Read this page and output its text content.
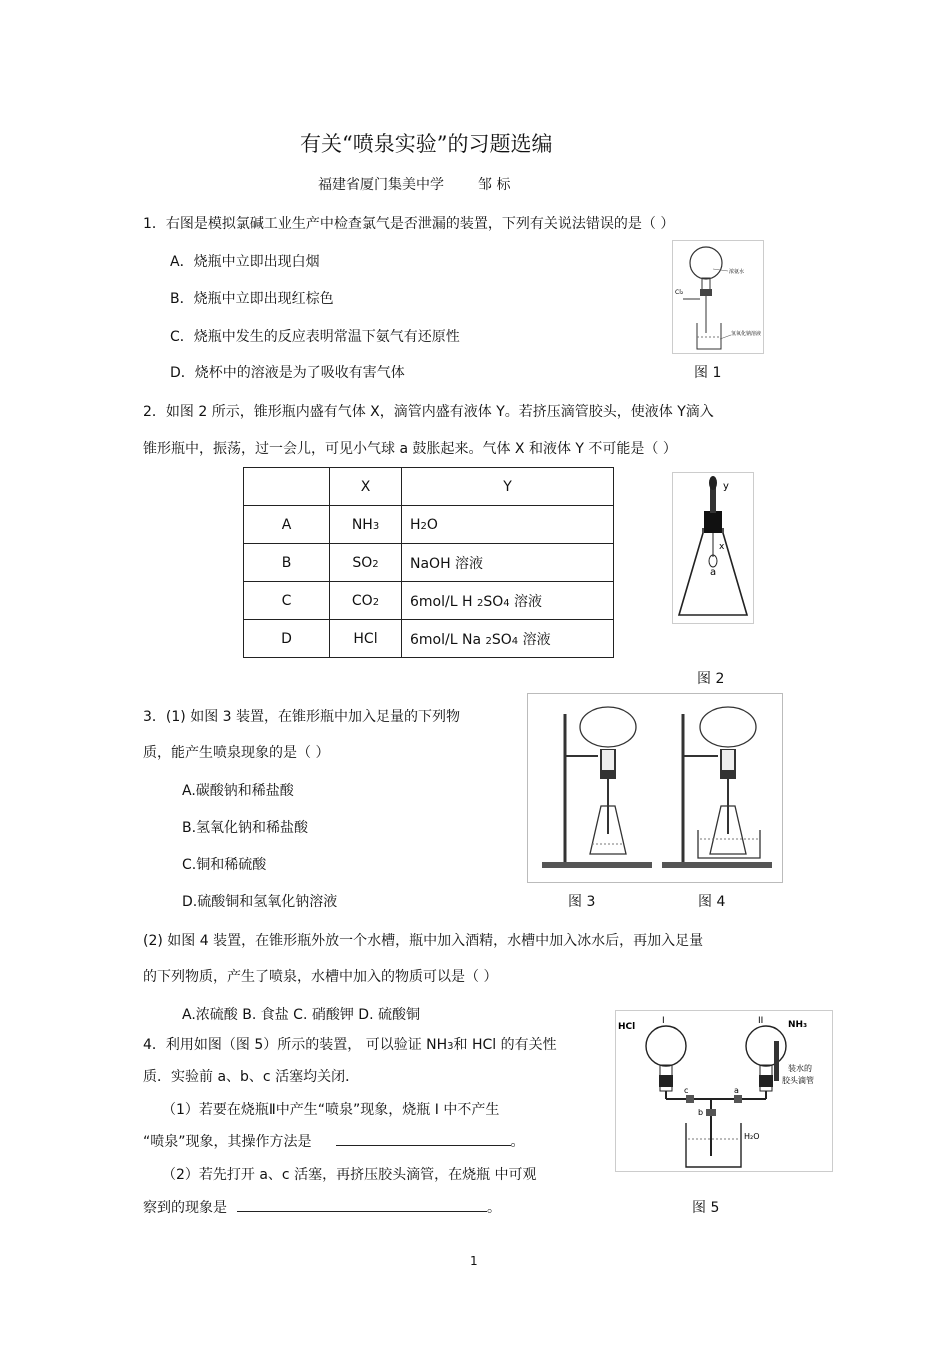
有关“喷泉实验”的习题选编
福建省厦门集美中学 邹 标
1．右图是模拟氯碱工业生产中检查氯气是否泄漏的装置，下列有关说法错误的是（ ）
A．烧瓶中立即出现白烟
B．烧瓶中立即出现红棕色
C．烧瓶中发生的反应表明常温下氨气有还原性
D．烧杯中的溶液是为了吸收有害气体
Cl₂
浓氨水
氢氧化钠溶液
图 1
2．如图 2 所示，锥形瓶内盛有气体 X，滴管内盛有液体 Y。若挤压滴管胶头，使液体 Y滴入
锥形瓶中，振荡，过一会儿，可见小气球 a 鼓胀起来。气体 X 和液体 Y 不可能是（ ）
	X	Y
A	NH3	H2O
B	SO2	NaOH 溶液
C	CO2	6mol/L H 2SO4 溶液
D	HCl	6mol/L Na 2SO4 溶液
y
x
a
图 2
3．(1) 如图 3 装置，在锥形瓶中加入足量的下列物
质，能产生喷泉现象的是（ ）
A.碳酸钠和稀盐酸
B.氢氧化钠和稀盐酸
C.铜和稀硫酸
D.硫酸铜和氢氧化钠溶液	图 3	图 4
(2) 如图 4 装置，在锥形瓶外放一个水槽，瓶中加入酒精，水槽中加入冰水后，再加入足量
的下列物质，产生了喷泉，水槽中加入的物质可以是（ ）
A.浓硫酸 B. 食盐 C. 硝酸钾 D. 硫酸铜
4．利用如图（图 5）所示的装置， 可以验证 NH3和 HCl 的有关性
质．实验前 a、b、c 活塞均关闭．
（1）若要在烧瓶Ⅱ中产生“喷泉”现象，烧瓶 Ⅰ 中不产生
“喷泉”现象，其操作方法是	。
（2）若先打开 a、c 活塞，再挤压胶头滴管，在烧瓶 中可观
察到的现象是	。
HCl
I	II	NH₃
装水的
胶头滴管
c	a
b
H₂O
图 5
1
